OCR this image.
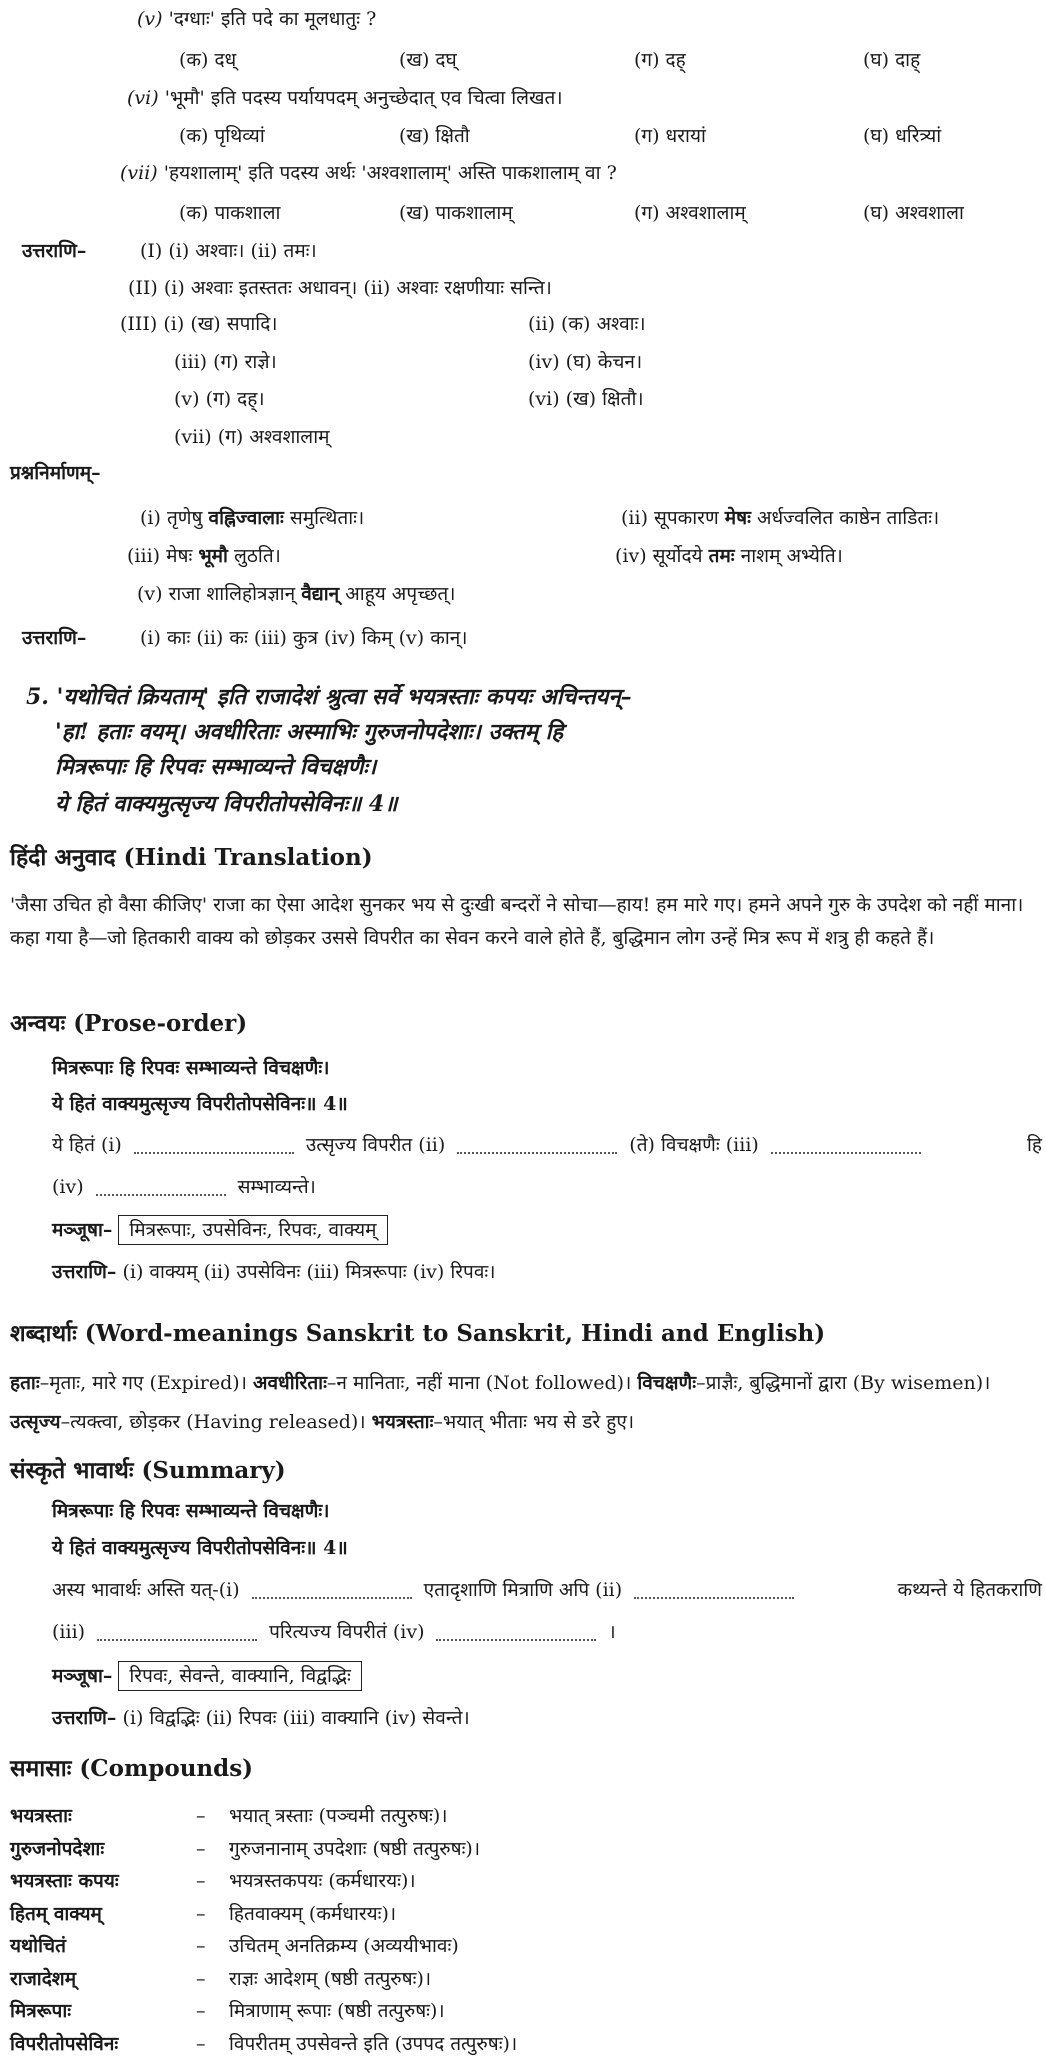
(v) 'दग्धाः' इति पदे का मूलधातुः ?
(क) दध्	(ख) दघ्	(ग) दह्	(घ) दाह्
(vi) 'भूमौ' इति पदस्य पर्यायपदम् अनुच्छेदात् एव चित्वा लिखत।
(क) पृथिव्यां	(ख) क्षितौ	(ग) धरायां	(घ) धरित्र्यां
(vii) 'हयशालाम्' इति पदस्य अर्थः 'अश्वशालाम्' अस्ति पाकशालाम् वा ?
(क) पाकशाला	(ख) पाकशालाम्	(ग) अश्वशालाम्	(घ) अश्वशाला
उत्तराणि–	(I) (i) अश्वाः। (ii) तमः।
(II) (i) अश्वाः इतस्ततः अधावन्। (ii) अश्वाः रक्षणीयाः सन्ति।
(III) (i) (ख) सपादि।	(ii) (क) अश्वाः।
(iii) (ग) राज्ञे।	(iv) (घ) केचन।
(v) (ग) दह्।	(vi) (ख) क्षितौ।
(vii) (ग) अश्वशालाम्
प्रश्ननिर्माणम्–
(i) तृणेषु वह्निज्वालाः समुत्थिताः।	(ii) सूपकारण मेषः अर्धज्वलित काष्ठेन ताडितः।
(iii) मेषः भूमौ लुठति।	(iv) सूर्योदये तमः नाशम् अभ्येति।
(v) राजा शालिहोत्रज्ञान् वैद्यान् आहूय अपृच्छत्।
उत्तराणि–	(i) काः (ii) कः (iii) कुत्र (iv) किम् (v) कान्।
5. 'यथोचितं क्रियताम्' इति राजादेशं श्रुत्वा सर्वे भयत्रस्ताः कपयः अचिन्तयन्–
'हा! हताः वयम्। अवधीरिताः अस्माभिः गुरुजनोपदेशाः। उक्तम् हि
मित्ररूपाः हि रिपवः सम्भाव्यन्ते विचक्षणैः।
ये हितं वाक्यमुत्सृज्य विपरीतोपसेविनः॥ 4॥
हिंदी अनुवाद (Hindi Translation)
'जैसा उचित हो वैसा कीजिए' राजा का ऐसा आदेश सुनकर भय से दुःखी बन्दरों ने सोचा—हाय! हम मारे गए। हमने अपने गुरु के उपदेश को नहीं माना। कहा गया है—जो हितकारी वाक्य को छोड़कर उससे विपरीत का सेवन करने वाले होते हैं, बुद्धिमान लोग उन्हें मित्र रूप में शत्रु ही कहते हैं।
अन्वयः (Prose-order)
मित्ररूपाः हि रिपवः सम्भाव्यन्ते विचक्षणैः।
ये हितं वाक्यमुत्सृज्य विपरीतोपसेविनः॥ 4॥
ये हितं (i)	उत्सृज्य विपरीत (ii)	(ते) विचक्षणैः (iii)	हि
(iv)	सम्भाव्यन्ते।
मञ्जूषा– मित्ररूपाः, उपसेविनः, रिपवः, वाक्यम्
उत्तराणि– (i) वाक्यम् (ii) उपसेविनः (iii) मित्ररूपाः (iv) रिपवः।
शब्दार्थाः (Word-meanings Sanskrit to Sanskrit, Hindi and English)
हताः–मृताः, मारे गए (Expired)। अवधीरिताः–न मानिताः, नहीं माना (Not followed)। विचक्षणैः–प्राज्ञैः, बुद्धिमानों द्वारा (By wisemen)। उत्सृज्य–त्यक्त्वा, छोड़कर (Having released)। भयत्रस्ताः–भयात् भीताः भय से डरे हुए।
संस्कृते भावार्थः (Summary)
मित्ररूपाः हि रिपवः सम्भाव्यन्ते विचक्षणैः।
ये हितं वाक्यमुत्सृज्य विपरीतोपसेविनः॥ 4॥
अस्य भावार्थः अस्ति यत्-(i)	एतादृशाणि मित्राणि अपि (ii)	कथ्यन्ते ये हितकराणि
(iii)	परित्यज्य विपरीतं (iv)	।
मञ्जूषा– रिपवः, सेवन्ते, वाक्यानि, विद्वद्भिः
उत्तराणि– (i) विद्वद्भिः (ii) रिपवः (iii) वाक्यानि (iv) सेवन्ते।
समासाः (Compounds)
भयत्रस्ताः	– भयात् त्रस्ताः (पञ्चमी तत्पुरुषः)।
गुरुजनोपदेशाः	– गुरुजनानाम् उपदेशाः (षष्ठी तत्पुरुषः)।
भयत्रस्ताः कपयः	– भयत्रस्तकपयः (कर्मधारयः)।
हितम् वाक्यम्	– हितवाक्यम् (कर्मधारयः)।
यथोचितं	– उचितम् अनतिक्रम्य (अव्ययीभावः)
राजादेशम्	– राज्ञः आदेशम् (षष्ठी तत्पुरुषः)।
मित्ररूपाः	– मित्राणाम् रूपाः (षष्ठी तत्पुरुषः)।
विपरीतोपसेविनः	– विपरीतम् उपसेवन्ते इति (उपपद तत्पुरुषः)।
